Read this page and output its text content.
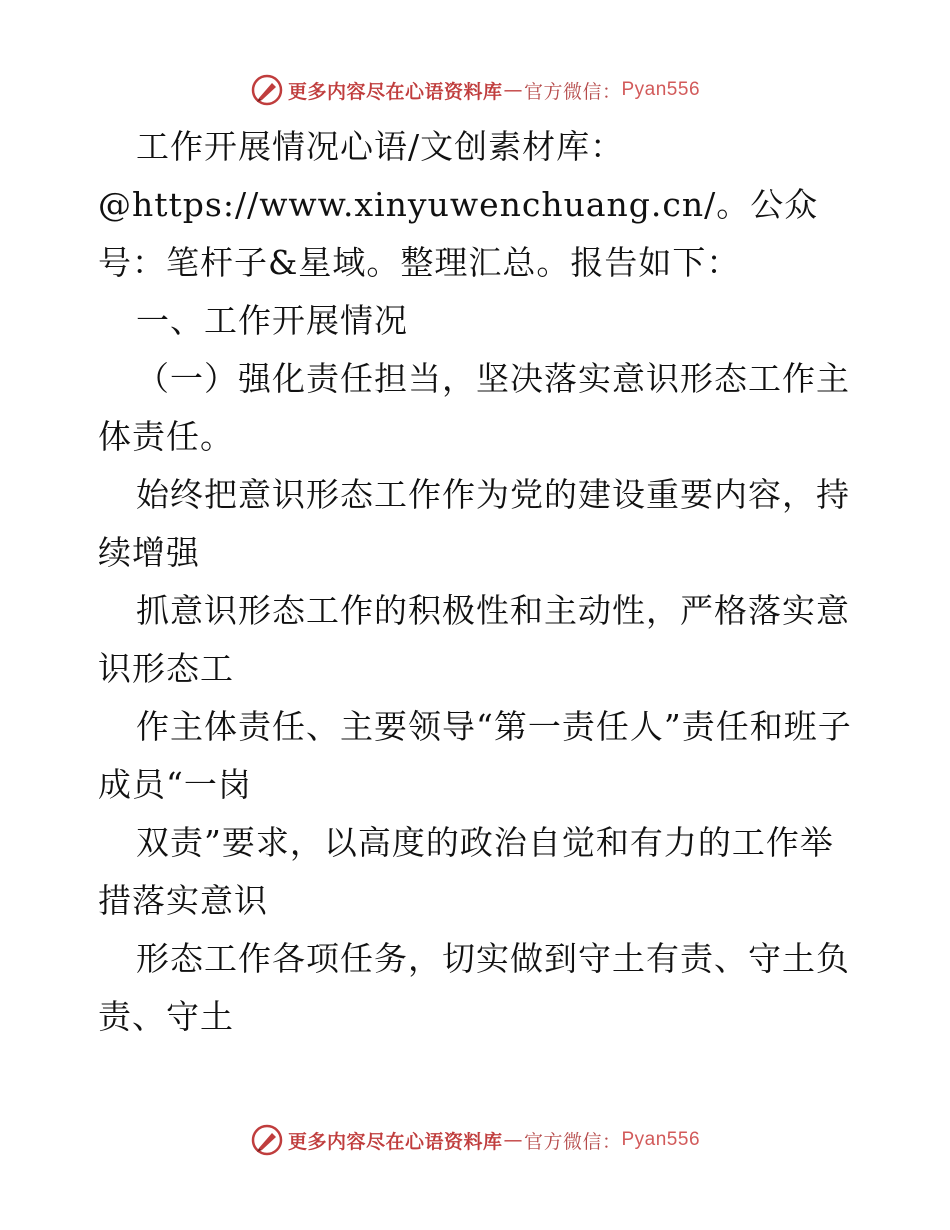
更多内容尽在心语资料库 — 官方微信： Pyan556

工作开展情况心语/文创素材库：@https://www.xinyuwenchuang.cn/。公众号：笔杆子&星域。整理汇总。报告如下：

一、工作开展情况

（一）强化责任担当，坚决落实意识形态工作主体责任。

始终把意识形态工作作为党的建设重要内容，持续增强

抓意识形态工作的积极性和主动性，严格落实意识形态工

作主体责任、主要领导“第一责任人”责任和班子成员“一岗

双责”要求，以高度的政治自觉和有力的工作举措落实意识

形态工作各项任务，切实做到守土有责、守土负责、守土

更多内容尽在心语资料库 — 官方微信： Pyan556
